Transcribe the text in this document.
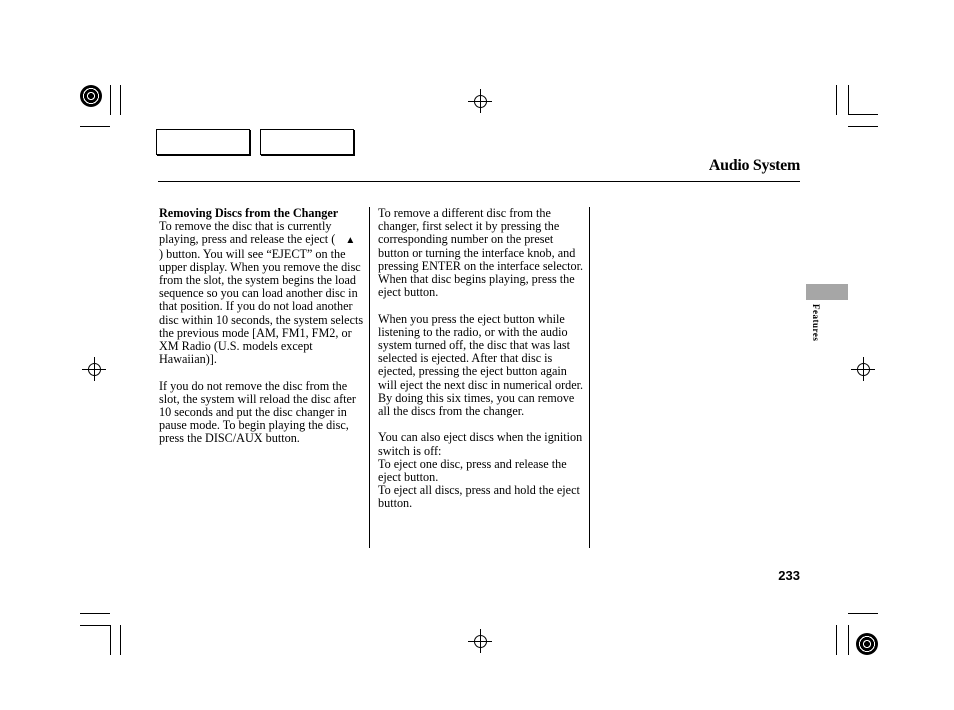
Audio System
Removing Discs from the Changer

To remove the disc that is currently playing, press and release the eject ( ▲) button. You will see “EJECT” on the upper display. When you remove the disc from the slot, the system begins the load sequence so you can load another disc in that position. If you do not load another disc within 10 seconds, the system selects the previous mode [AM, FM1, FM2, or XM Radio (U.S. models except Hawaiian)].

If you do not remove the disc from the slot, the system will reload the disc after 10 seconds and put the disc changer in pause mode. To begin playing the disc, press the DISC/AUX button.

To remove a different disc from the changer, first select it by pressing the corresponding number on the preset button or turning the interface knob, and pressing ENTER on the interface selector. When that disc begins playing, press the eject button.

When you press the eject button while listening to the radio, or with the audio system turned off, the disc that was last selected is ejected. After that disc is ejected, pressing the eject button again will eject the next disc in numerical order. By doing this six times, you can remove all the discs from the changer.

You can also eject discs when the ignition switch is off:
To eject one disc, press and release the eject button.
To eject all discs, press and hold the eject button.

Features
233
